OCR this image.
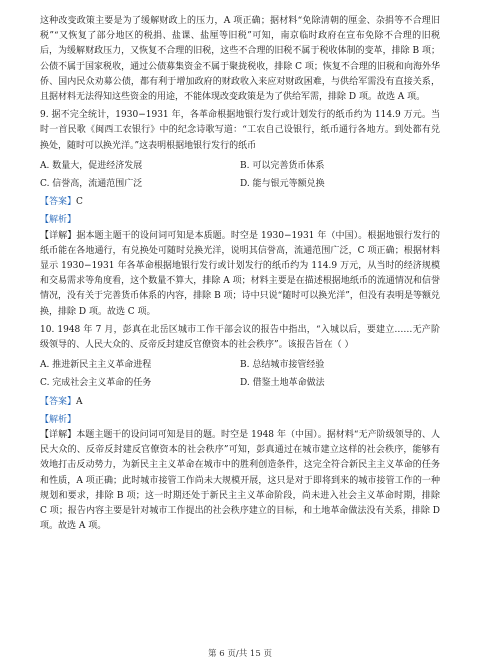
这种改变政策主要是为了缓解财政上的压力，A 项正确；据材料“免除清朝的厘金、杂捐等不合理旧税”“又恢复了部分地区的税捐、盐课、盐厘等旧税”可知，南京临时政府在宣布免除不合理的旧税后，为缓解财政压力，又恢复不合理的旧税，这些不合理的旧税不属于税收体制的变革，排除 B 项；公债不属于国家税收，通过公债募集资金不属于聚拢税收，排除 C 项；恢复不合理的旧税和向海外华侨、国内民众劝募公债，都有利于增加政府的财政收入来应对财政困难，与供给军需没有直接关系，且据材料无法得知这些资金的用途，不能体现改变政策是为了供给军需，排除 D 项。故选 A 项。

9. 据不完全统计，1930−1931 年，各革命根据地银行发行或计划发行的纸币约为 114.9 万元。当时一首民歌《闽西工农银行》中的纪念诗歌写道：“工农自己设银行，纸币通行各地方。到处都有兑换处，随时可以换光洋。”这表明根据地银行发行的纸币

A. 数量大，促进经济发展	B. 可以完善货币体系
C. 信誉高，流通范围广泛	D. 能与银元等额兑换
【答案】C
【解析】

【详解】据本题主题干的设问词可知是本质题。时空是 1930−1931 年（中国）。根据地银行发行的纸币能在各地通行，有兑换处可随时兑换光洋，说明其信誉高，流通范围广泛，C 项正确；根据材料显示 1930−1931 年各革命根据地银行发行或计划发行的纸币约为 114.9 万元，从当时的经济规模和交易需求等角度看，这个数量不算大，排除 A 项；材料主要是在描述根据地纸币的流通情况和信誉情况，没有关于完善货币体系的内容，排除 B 项；诗中只说“随时可以换光洋”，但没有表明是等额兑换，排除 D 项。故选 C 项。

10. 1948 年 7 月，彭真在北岳区城市工作干部会议的报告中指出，“入城以后，要建立……无产阶级领导的、人民大众的、反帝反封建反官僚资本的社会秩序”。该报告旨在（ ）

A. 推进新民主主义革命进程	B. 总结城市接管经验
C. 完成社会主义革命的任务	D. 借鉴土地革命做法
【答案】A
【解析】

【详解】本题主题干的设问词可知是目的题。时空是 1948 年（中国）。据材料“无产阶级领导的、人民大众的、反帝反封建反官僚资本的社会秩序”可知，彭真通过在城市建立这样的社会秩序，能够有效地打击反动势力，为新民主主义革命在城市中的胜利创造条件，这完全符合新民主主义革命的任务和性质，A 项正确；此时城市接管工作尚未大规模开展，这只是对于即将到来的城市接管工作的一种规划和要求，排除 B 项；这一时期还处于新民主主义革命阶段，尚未进入社会主义革命时期，排除 C 项；报告内容主要是针对城市工作提出的社会秩序建立的目标，和土地革命做法没有关系，排除 D 项。故选 A 项。

第 6 页/共 15 页
